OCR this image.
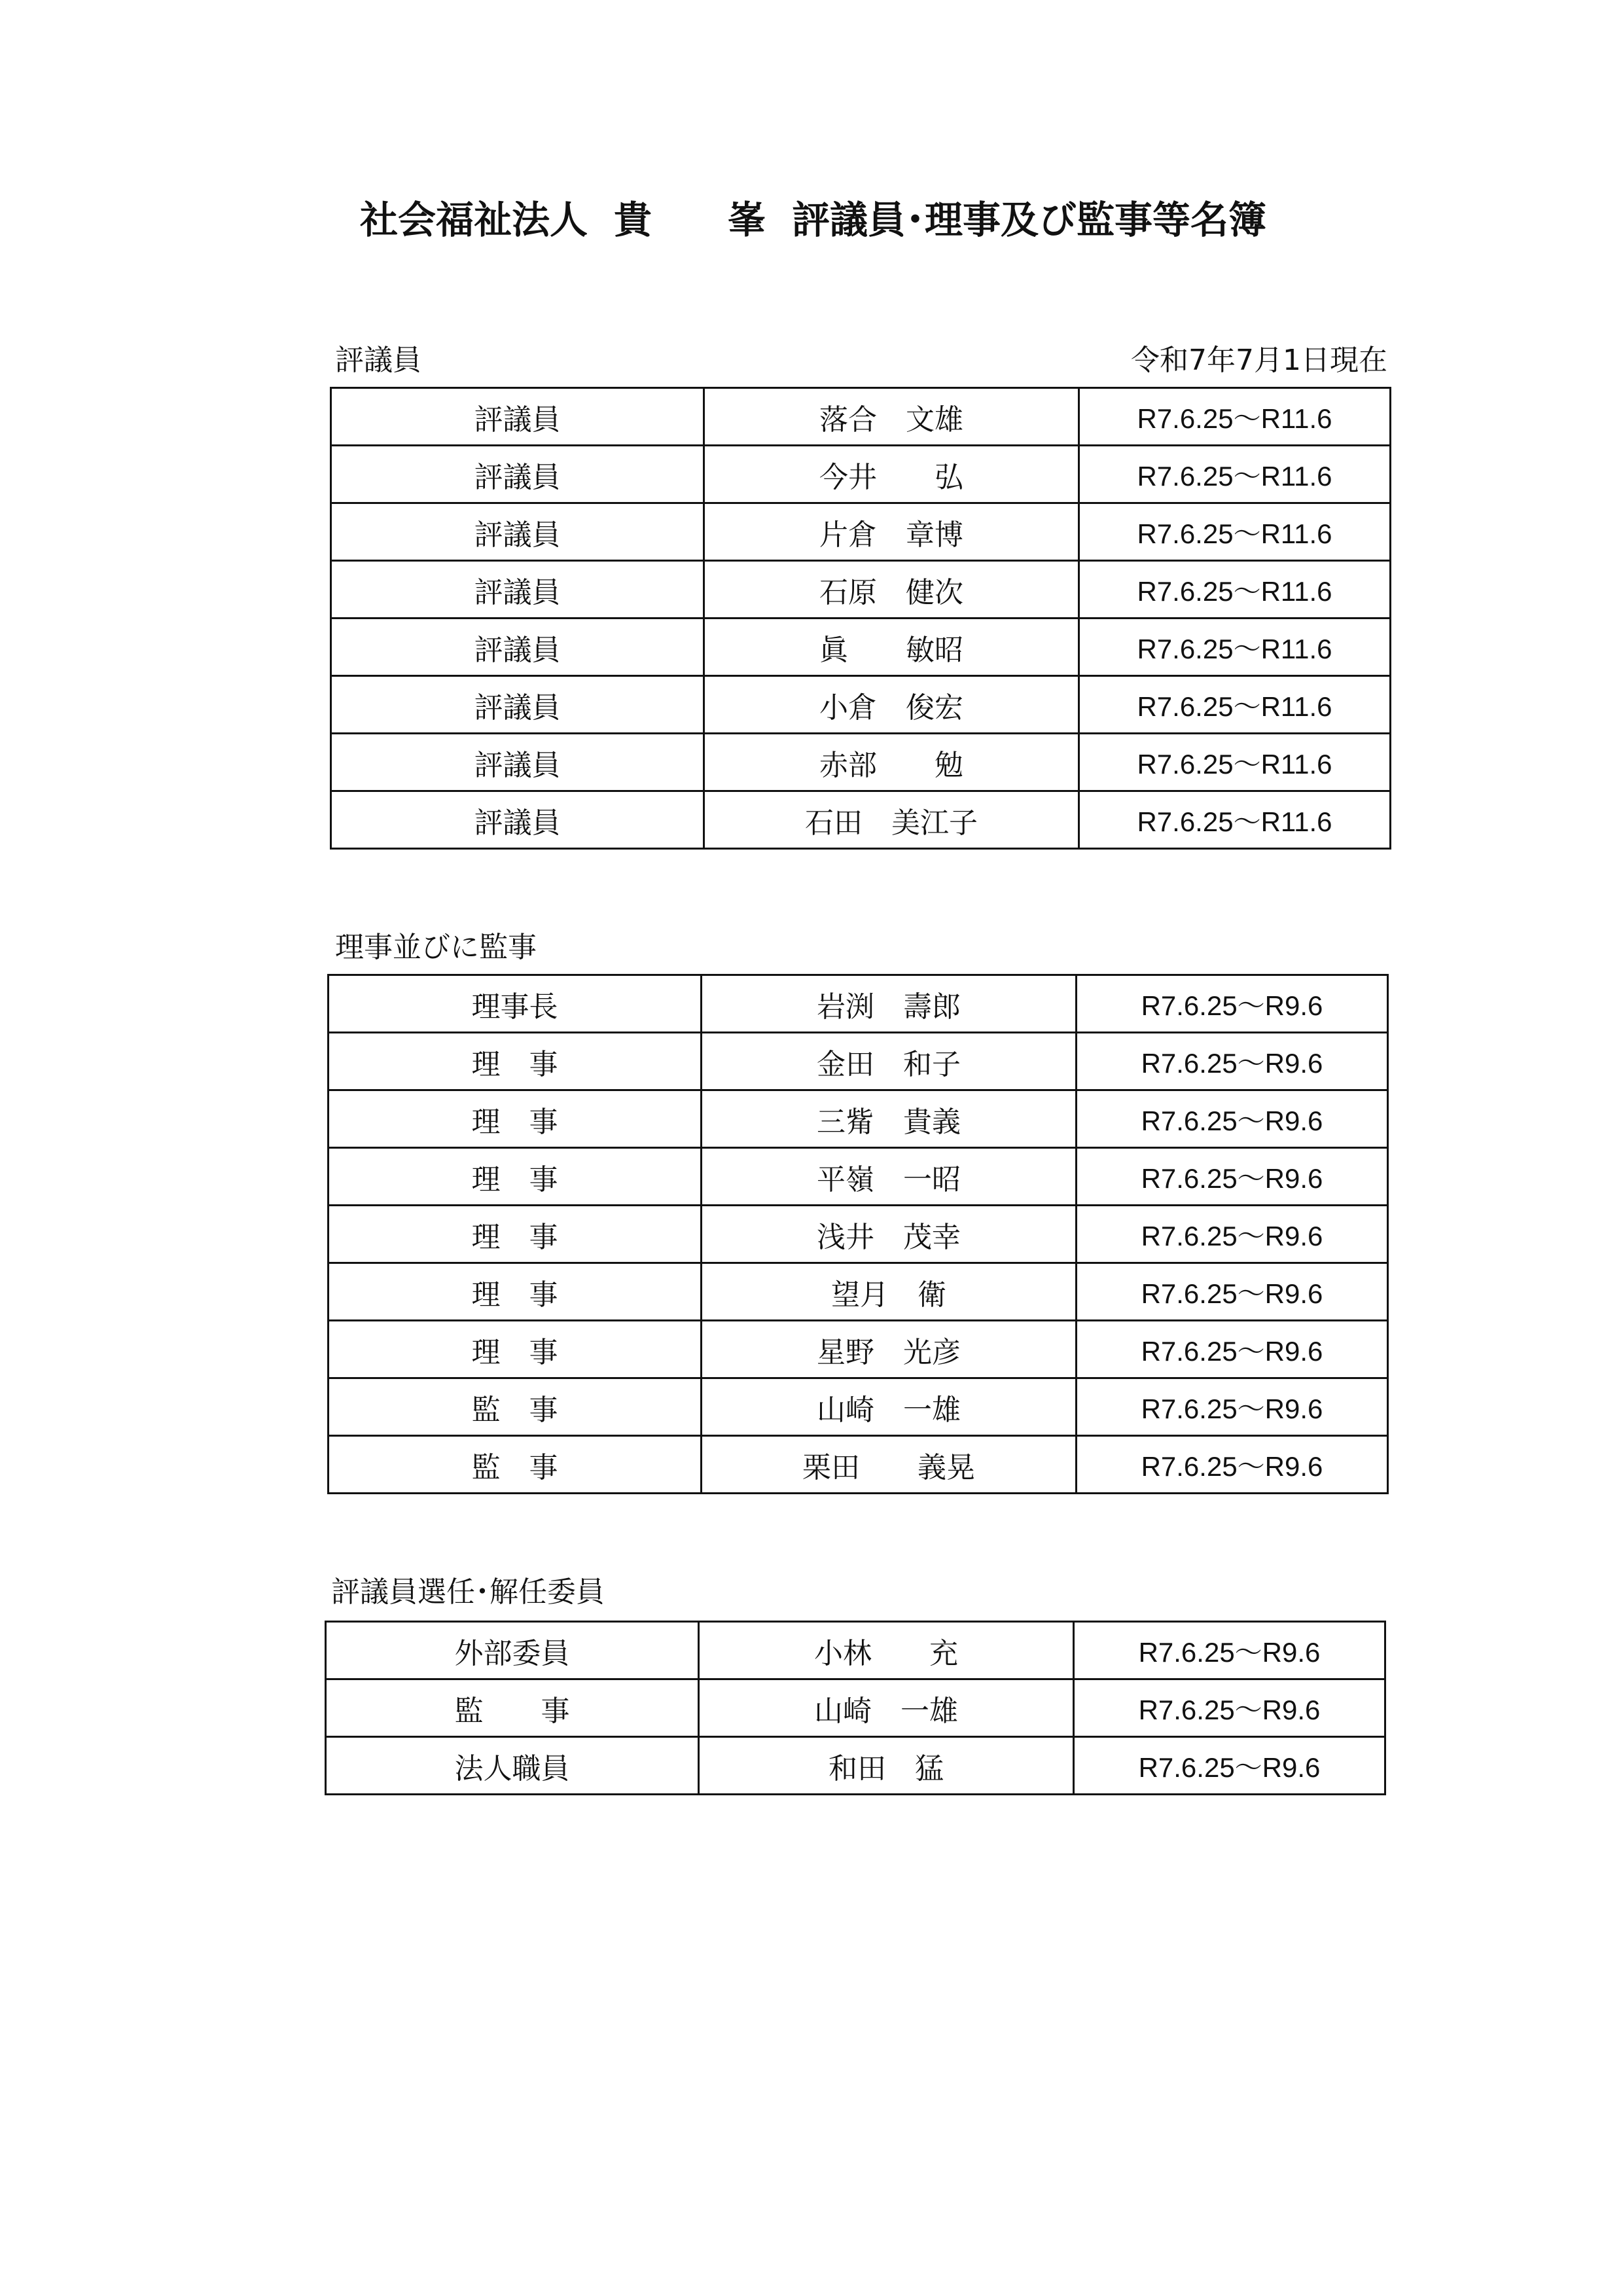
社会福祉法人 貴　　峯 評議員･理事及び監事等名簿
評議員	令和7年7月1日現在
評議員	落合　文雄	R7.6.25～R11.6
評議員	今井　　弘	R7.6.25～R11.6
評議員	片倉　章博	R7.6.25～R11.6
評議員	石原　健次	R7.6.25～R11.6
評議員	眞　　敏昭	R7.6.25～R11.6
評議員	小倉　俊宏	R7.6.25～R11.6
評議員	赤部　　勉	R7.6.25～R11.6
評議員	石田　美江子	R7.6.25～R11.6
理事並びに監事
理事長	岩渕　壽郎	R7.6.25～R9.6
理　事	金田　和子	R7.6.25～R9.6
理　事	三觜　貴義	R7.6.25～R9.6
理　事	平嶺　一昭	R7.6.25～R9.6
理　事	浅井　茂幸	R7.6.25～R9.6
理　事	望月　衛	R7.6.25～R9.6
理　事	星野　光彦	R7.6.25～R9.6
監　事	山崎　一雄	R7.6.25～R9.6
監　事	栗田　　義晃	R7.6.25～R9.6
評議員選任･解任委員
外部委員	小林　　充	R7.6.25～R9.6
監　　事	山崎　一雄	R7.6.25～R9.6
法人職員	和田　猛	R7.6.25～R9.6
